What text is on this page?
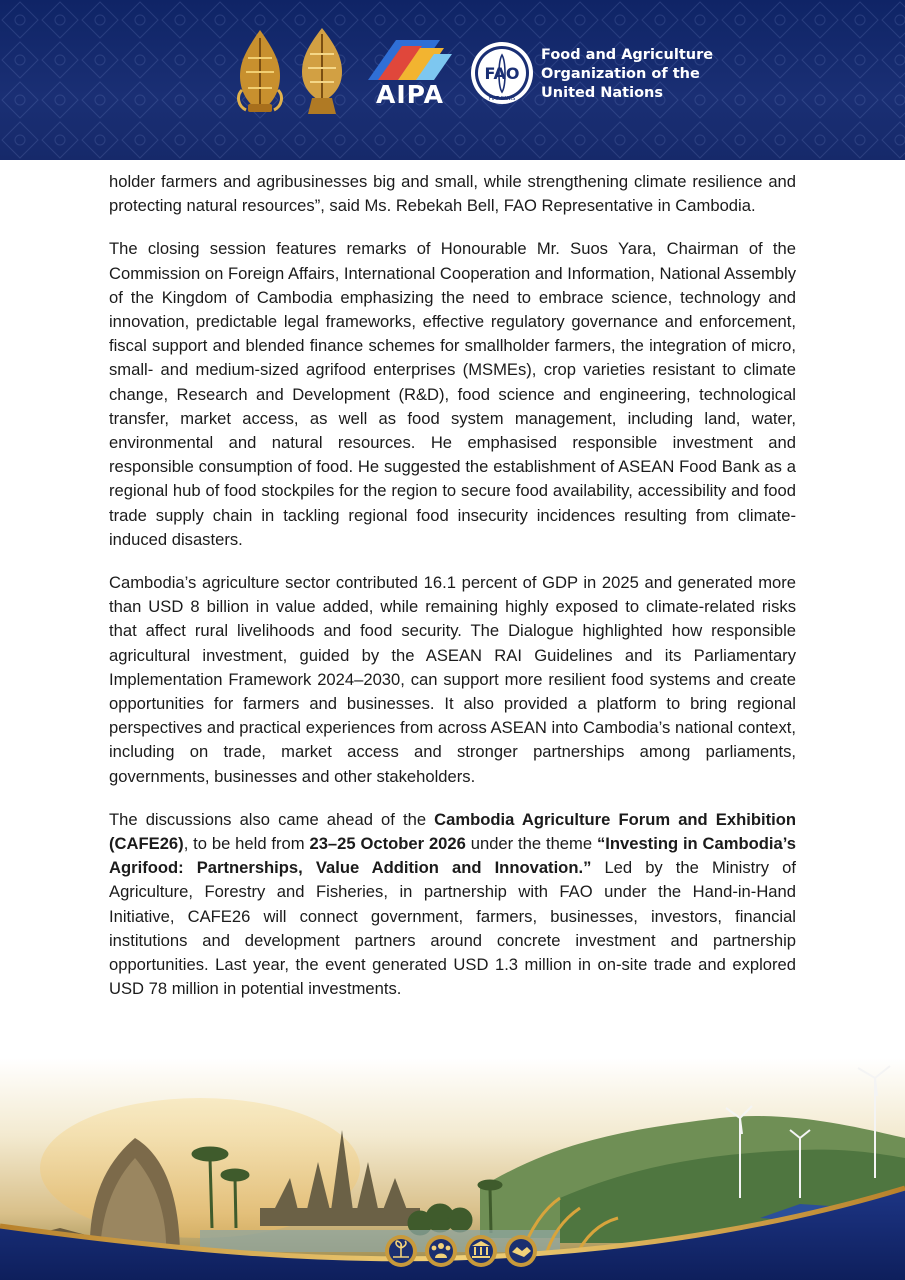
FAO
FIAT PANIS
AIPA
Food and Agriculture
Organization of the
United Nations

holder farmers and agribusinesses big and small, while strengthening climate resilience and protecting natural resources”, said Ms. Rebekah Bell, FAO Representative in Cambodia.

The closing session features remarks of Honourable Mr. Suos Yara, Chairman of the Commission on Foreign Affairs, International Cooperation and Information, National Assembly of the Kingdom of Cambodia emphasizing the need to embrace science, technology and innovation, predictable legal frameworks, effective regulatory governance and enforcement, fiscal support and blended finance schemes for smallholder farmers, the integration of micro, small- and medium-sized agrifood enterprises (MSMEs), crop varieties resistant to climate change, Research and Development (R&D), food science and engineering, technological transfer, market access, as well as food system management, including land, water, environmental and natural resources. He emphasised responsible investment and responsible consumption of food. He suggested the establishment of ASEAN Food Bank as a regional hub of food stockpiles for the region to secure food availability, accessibility and food trade supply chain in tackling regional food insecurity incidences resulting from climate-induced disasters.

Cambodia’s agriculture sector contributed 16.1 percent of GDP in 2025 and generated more than USD 8 billion in value added, while remaining highly exposed to climate-related risks that affect rural livelihoods and food security. The Dialogue highlighted how responsible agricultural investment, guided by the ASEAN RAI Guidelines and its Parliamentary Implementation Framework 2024–2030, can support more resilient food systems and create opportunities for farmers and businesses. It also provided a platform to bring regional perspectives and practical experiences from across ASEAN into Cambodia’s national context, including on trade, market access and stronger partnerships among parliaments, governments, businesses and other stakeholders.

The discussions also came ahead of the Cambodia Agriculture Forum and Exhibition (CAFE26), to be held from 23–25 October 2026 under the theme “Investing in Cambodia’s Agrifood: Partnerships, Value Addition and Innovation.” Led by the Ministry of Agriculture, Forestry and Fisheries, in partnership with FAO under the Hand-in-Hand Initiative, CAFE26 will connect government, farmers, businesses, investors, financial institutions and development partners around concrete investment and partnership opportunities. Last year, the event generated USD 1.3 million in on-site trade and explored USD 78 million in potential investments.
